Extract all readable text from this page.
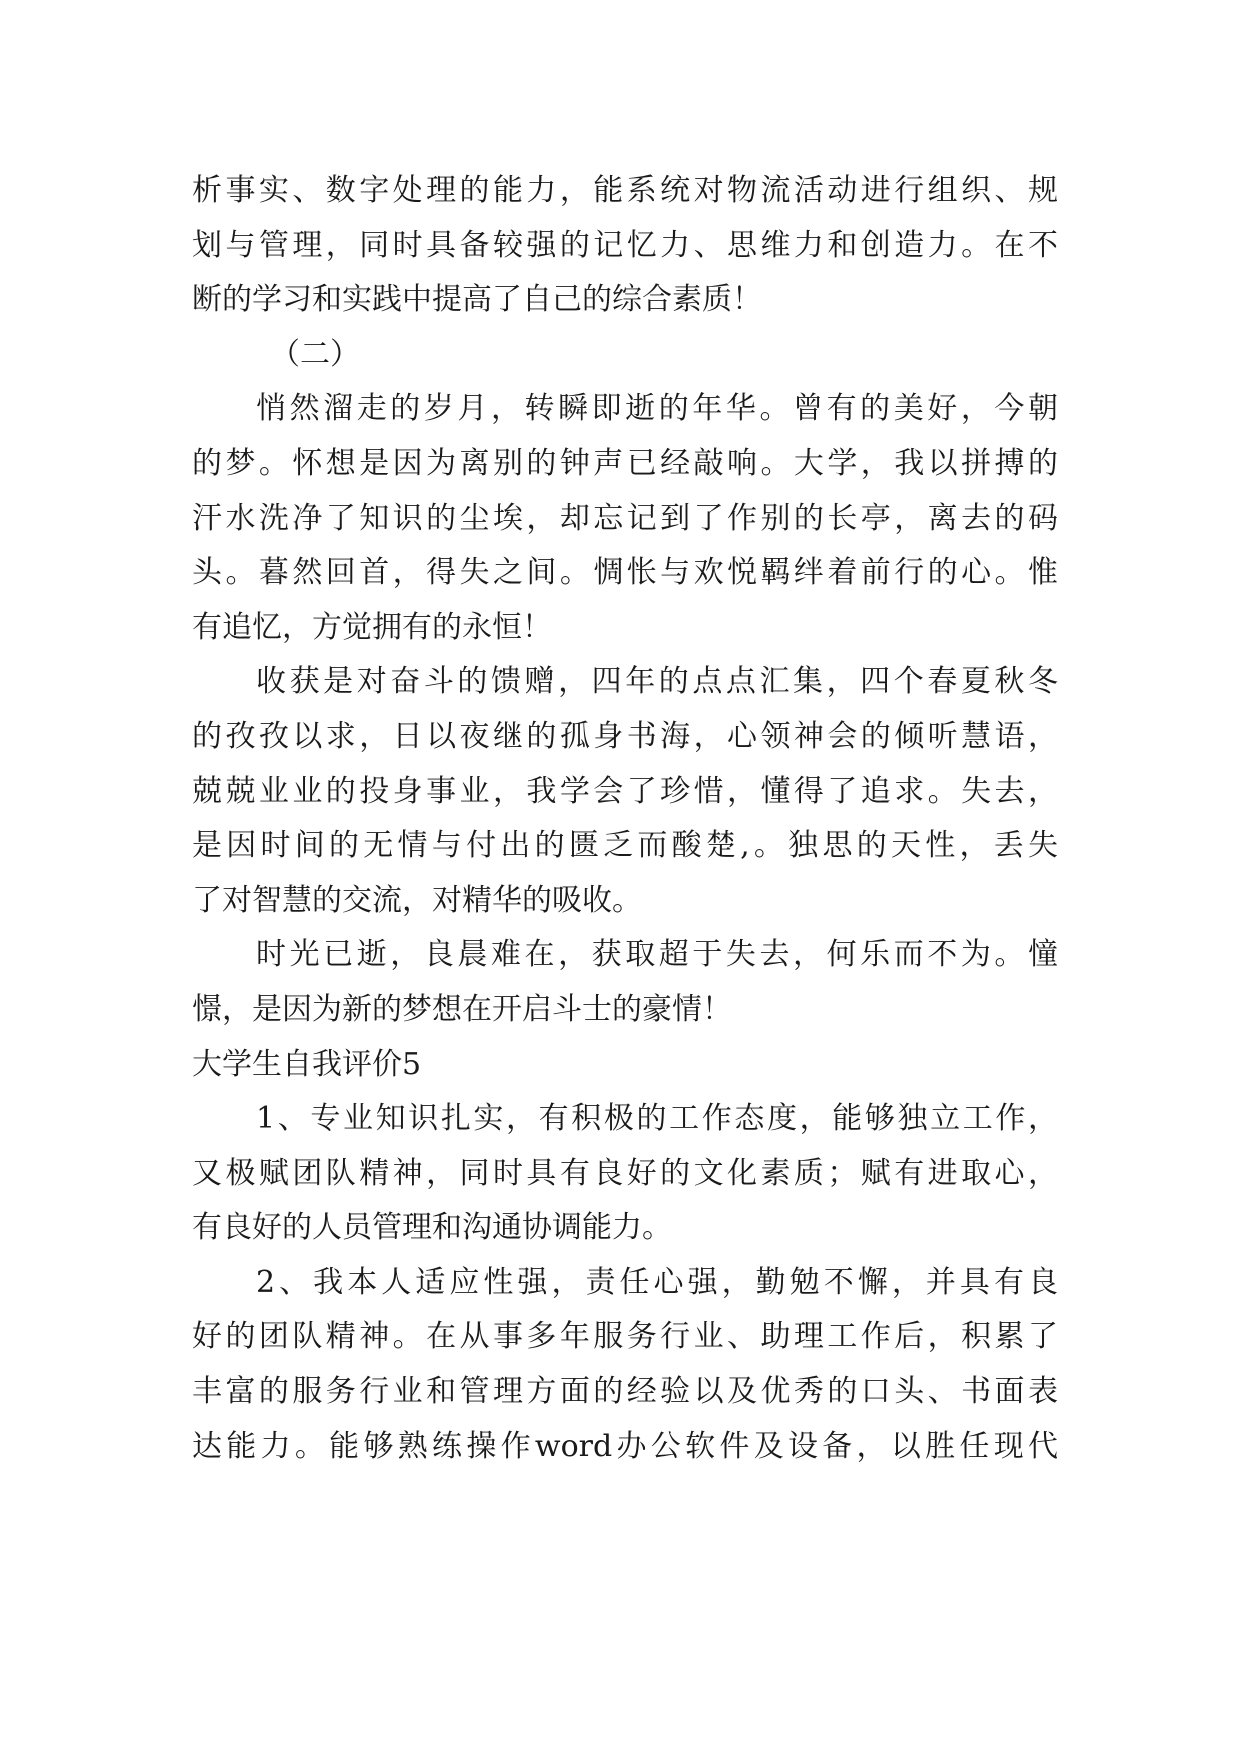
析事实、数字处理的能力，能系统对物流活动进行组织、规
划与管理，同时具备较强的记忆力、思维力和创造力。在不
断的学习和实践中提高了自己的综合素质！
（二）
悄然溜走的岁月，转瞬即逝的年华。曾有的美好，今朝
的梦。怀想是因为离别的钟声已经敲响。大学，我以拼搏的
汗水洗净了知识的尘埃，却忘记到了作别的长亭，离去的码
头。暮然回首，得失之间。惆怅与欢悦羁绊着前行的心。惟
有追忆，方觉拥有的永恒！
收获是对奋斗的馈赠，四年的点点汇集，四个春夏秋冬
的孜孜以求，日以夜继的孤身书海，心领神会的倾听慧语，
兢兢业业的投身事业，我学会了珍惜，懂得了追求。失去，
是因时间的无情与付出的匮乏而酸楚,。独思的天性，丢失
了对智慧的交流，对精华的吸收。
时光已逝，良晨难在，获取超于失去，何乐而不为。憧
憬，是因为新的梦想在开启斗士的豪情！
大学生自我评价5
1、专业知识扎实，有积极的工作态度，能够独立工作，
又极赋团队精神，同时具有良好的文化素质；赋有进取心，
有良好的人员管理和沟通协调能力。
2、我本人适应性强，责任心强，勤勉不懈，并具有良
好的团队精神。在从事多年服务行业、助理工作后，积累了
丰富的服务行业和管理方面的经验以及优秀的口头、书面表
达能力。能够熟练操作word办公软件及设备，以胜任现代
